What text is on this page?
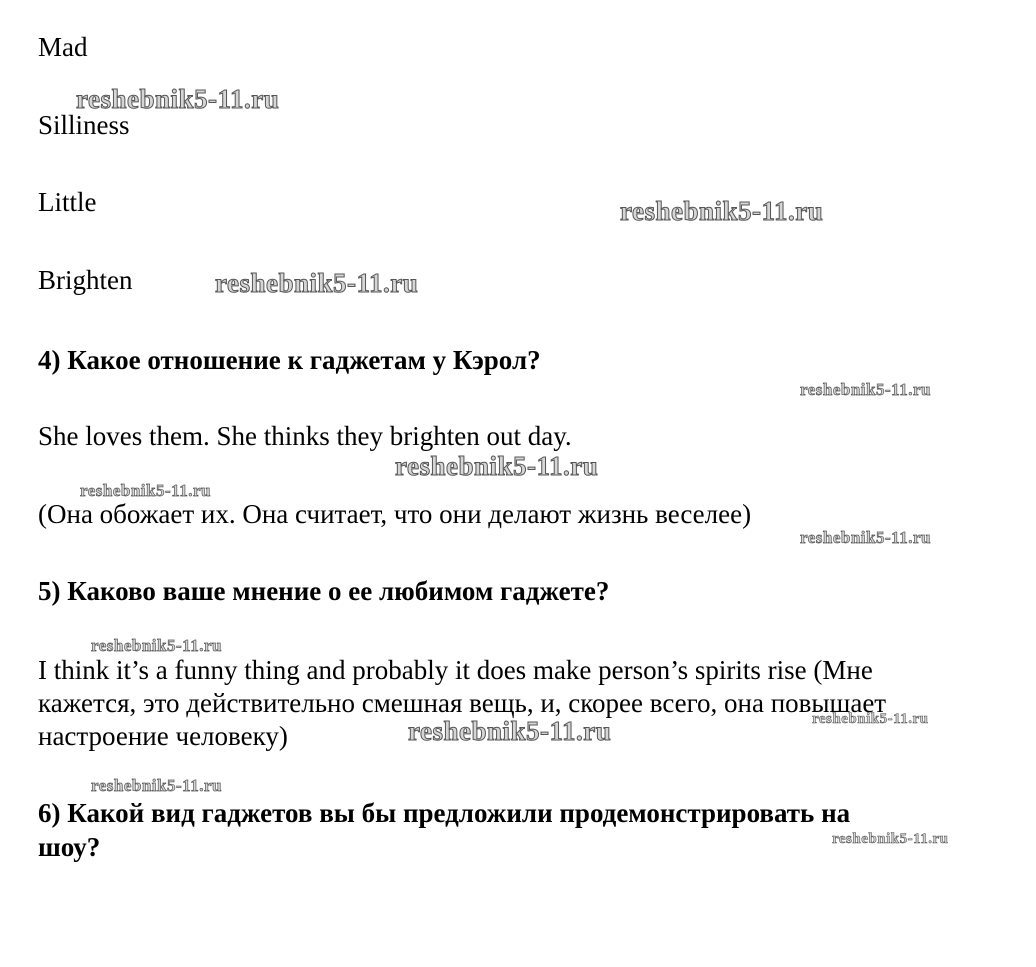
Mad
Silliness
Little
Brighten
4) Какое отношение к гаджетам у Кэрол?
She loves them. She thinks they brighten out day.
(Она обожает их. Она считает, что они делают жизнь веселее)
5) Каково ваше мнение о ее любимом гаджете?
I think it’s a funny thing and probably it does make person’s spirits rise (Мне
кажется, это действительно смешная вещь, и, скорее всего, она повышает
настроение человеку)
6) Какой вид гаджетов вы бы предложили продемонстрировать на
шоу?
reshebnik5-11.ru
reshebnik5-11.ru
reshebnik5-11.ru
reshebnik5-11.ru
reshebnik5-11.ru
reshebnik5-11.ru
reshebnik5-11.ru
reshebnik5-11.ru
reshebnik5-11.ru
reshebnik5-11.ru
reshebnik5-11.ru
reshebnik5-11.ru
